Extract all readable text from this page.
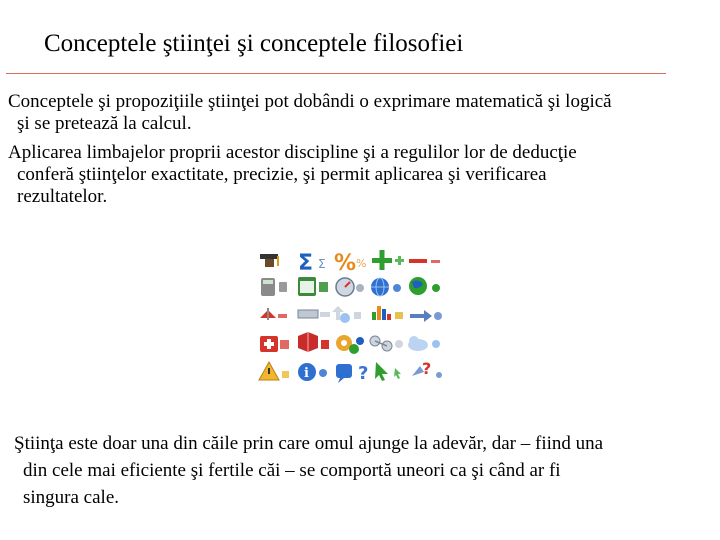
Conceptele ştiinţei şi conceptele filosofiei
Conceptele şi propoziţiile ştiinţei pot dobândi o exprimare matematică şi logică
şi se pretează la calcul.
Aplicarea limbajelor proprii acestor discipline şi a regulilor lor de deducţie
conferă ştiinţelor exactitate, precizie, şi permit aplicarea şi verificarea
rezultatelor.
Σ Σ % %
i	?	?
Ştiinţa este doar una din căile prin care omul ajunge la adevăr, dar – fiind una
din cele mai eficiente şi fertile căi – se comportă uneori ca şi când ar fi
singura cale.
